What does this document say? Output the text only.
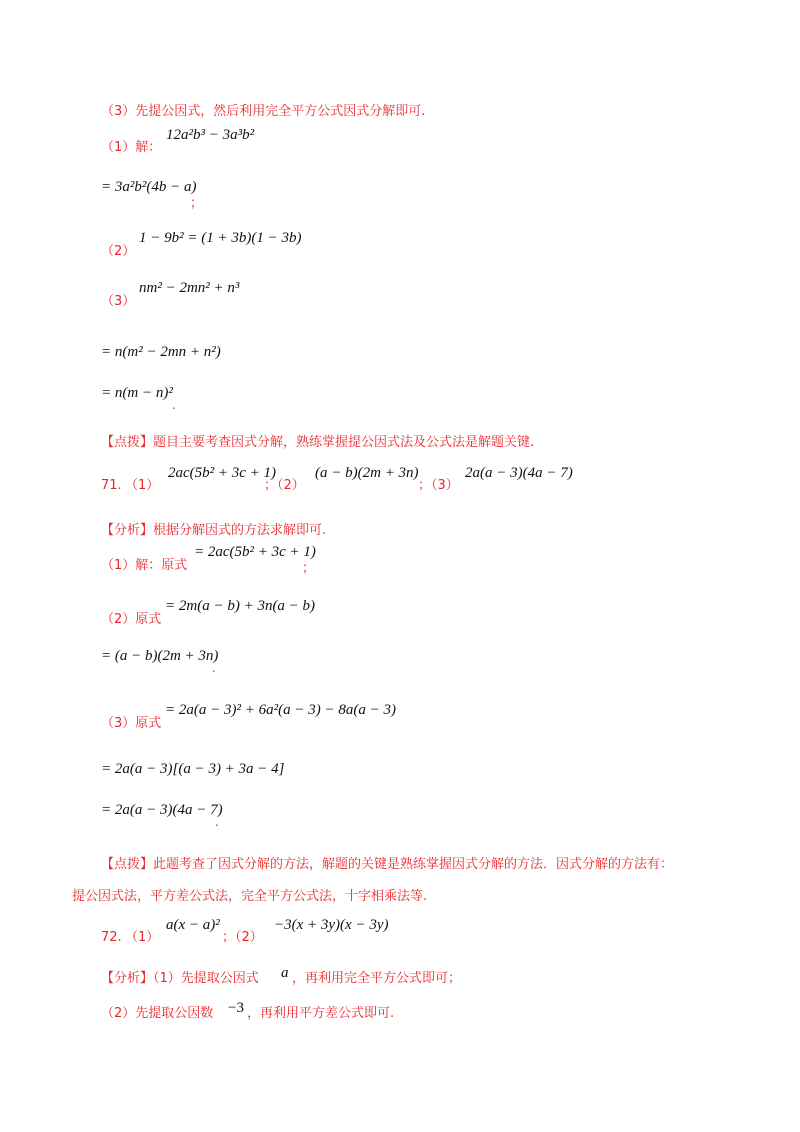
（3）先提公因式，然后利用完全平方公式因式分解即可.
（1）解：
12a²b³ − 3a³b²
= 3a²b²(4b − a)
；
（2）
1 − 9b² = (1 + 3b)(1 − 3b)
（3）
nm² − 2mn² + n³
= n(m² − 2mn + n²)
= n(m − n)²
.
【点拨】题目主要考查因式分解，熟练掌握提公因式法及公式法是解题关键.
71. （1）
2ac(5b² + 3c + 1)
；（2）
(a − b)(2m + 3n)
；（3）
2a(a − 3)(4a − 7)
【分析】根据分解因式的方法求解即可.
（1）解：原式
= 2ac(5b² + 3c + 1)
；
（2）原式
= 2m(a − b) + 3n(a − b)
= (a − b)(2m + 3n)
.
（3）原式
= 2a(a − 3)² + 6a²(a − 3) − 8a(a − 3)
= 2a(a − 3)[(a − 3) + 3a − 4]
= 2a(a − 3)(4a − 7)
.
【点拨】此题考查了因式分解的方法，解题的关键是熟练掌握因式分解的方法．因式分解的方法有：
提公因式法，平方差公式法，完全平方公式法，十字相乘法等.
72. （1）
a(x − a)²
；（2）
−3(x + 3y)(x − 3y)
【分析】（1）先提取公因式 a ，再利用完全平方公式即可；
（2）先提取公因数 −3 ，再利用平方差公式即可.
